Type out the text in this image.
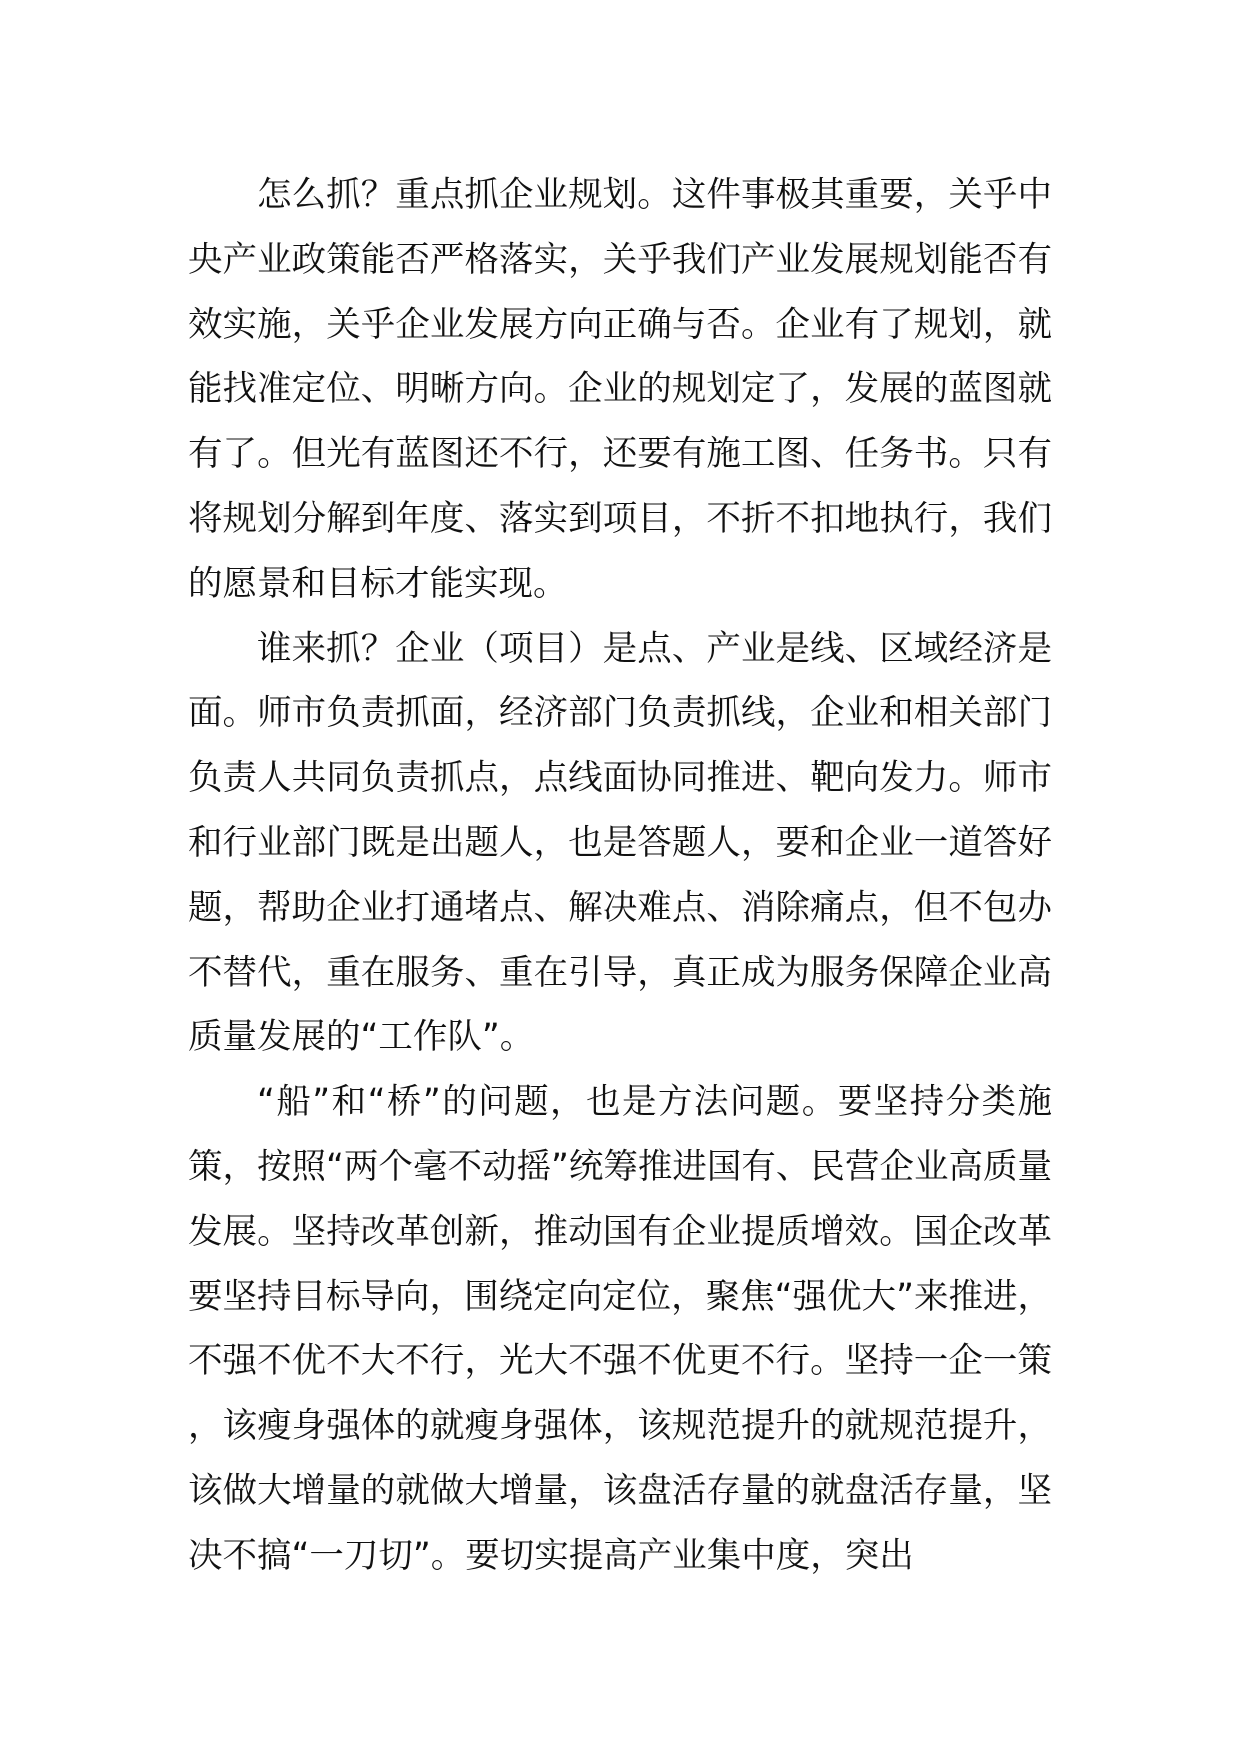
怎么抓？重点抓企业规划。这件事极其重要，关乎中央产业政策能否严格落实，关乎我们产业发展规划能否有效实施，关乎企业发展方向正确与否。企业有了规划，就能找准定位、明晰方向。企业的规划定了，发展的蓝图就有了。但光有蓝图还不行，还要有施工图、任务书。只有将规划分解到年度、落实到项目，不折不扣地执行，我们的愿景和目标才能实现。

谁来抓？企业（项目）是点、产业是线、区域经济是面。师市负责抓面，经济部门负责抓线，企业和相关部门负责人共同负责抓点，点线面协同推进、靶向发力。师市和行业部门既是出题人，也是答题人，要和企业一道答好题，帮助企业打通堵点、解决难点、消除痛点，但不包办不替代，重在服务、重在引导，真正成为服务保障企业高质量发展的“工作队”。

“船”和“桥”的问题，也是方法问题。要坚持分类施策，按照“两个毫不动摇”统筹推进国有、民营企业高质量发展。坚持改革创新，推动国有企业提质增效。国企改革要坚持目标导向，围绕定向定位，聚焦“强优大”来推进，不强不优不大不行，光大不强不优更不行。坚持一企一策，该瘦身强体的就瘦身强体，该规范提升的就规范提升，该做大增量的就做大增量，该盘活存量的就盘活存量，坚决不搞“一刀切”。要切实提高产业集中度，突出
